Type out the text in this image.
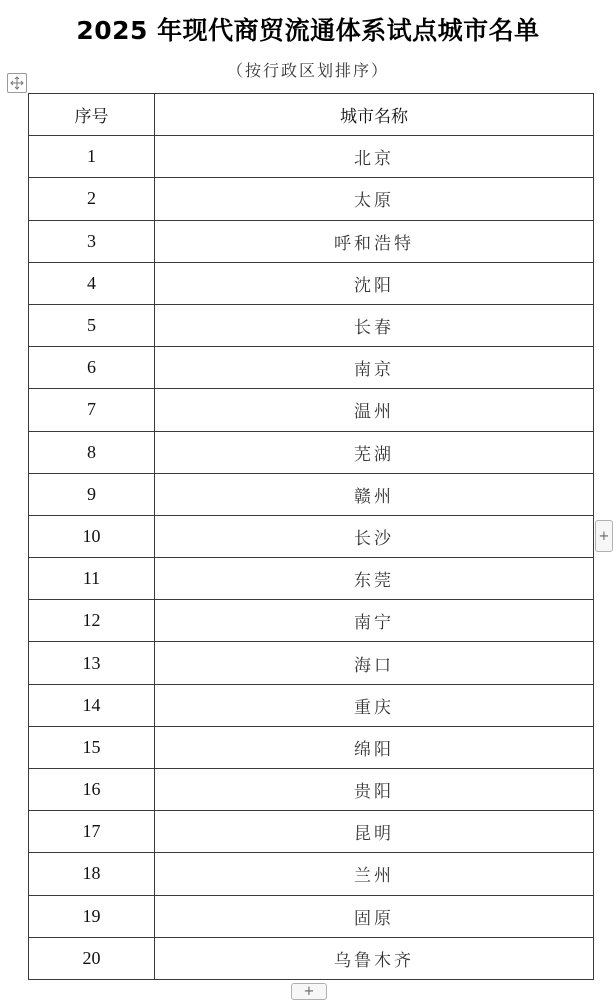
2025 年现代商贸流通体系试点城市名单
（按行政区划排序）
序号	城市名称
1	北京
2	太原
3	呼和浩特
4	沈阳
5	长春
6	南京
7	温州
8	芜湖
9	赣州
10	长沙
11	东莞
12	南宁
13	海口
14	重庆
15	绵阳
16	贵阳
17	昆明
18	兰州
19	固原
20	乌鲁木齐
+
+
